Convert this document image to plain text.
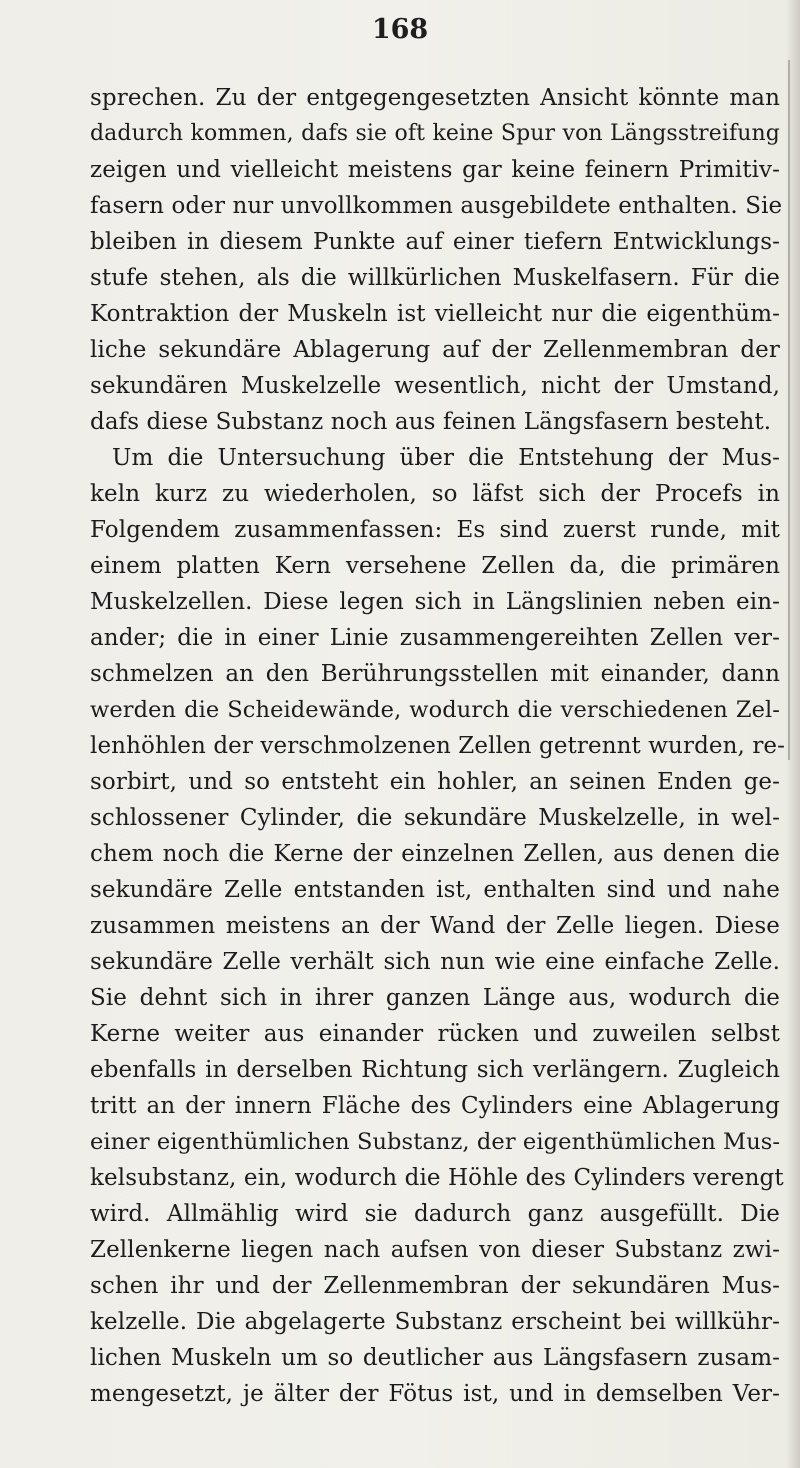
168
sprechen. Zu der entgegengesetzten Ansicht könnte man
dadurch kommen, dafs sie oft keine Spur von Längsstreifung
zeigen und vielleicht meistens gar keine feinern Primitiv-
fasern oder nur unvollkommen ausgebildete enthalten. Sie
bleiben in diesem Punkte auf einer tiefern Entwicklungs-
stufe stehen, als die willkürlichen Muskelfasern. Für die
Kontraktion der Muskeln ist vielleicht nur die eigenthüm-
liche sekundäre Ablagerung auf der Zellenmembran der
sekundären Muskelzelle wesentlich, nicht der Umstand,
dafs diese Substanz noch aus feinen Längsfasern besteht.
Um die Untersuchung über die Entstehung der Mus-
keln kurz zu wiederholen, so läfst sich der Procefs in
Folgendem zusammenfassen: Es sind zuerst runde, mit
einem platten Kern versehene Zellen da, die primären
Muskelzellen. Diese legen sich in Längslinien neben ein-
ander; die in einer Linie zusammengereihten Zellen ver-
schmelzen an den Berührungsstellen mit einander, dann
werden die Scheidewände, wodurch die verschiedenen Zel-
lenhöhlen der verschmolzenen Zellen getrennt wurden, re-
sorbirt, und so entsteht ein hohler, an seinen Enden ge-
schlossener Cylinder, die sekundäre Muskelzelle, in wel-
chem noch die Kerne der einzelnen Zellen, aus denen die
sekundäre Zelle entstanden ist, enthalten sind und nahe
zusammen meistens an der Wand der Zelle liegen. Diese
sekundäre Zelle verhält sich nun wie eine einfache Zelle.
Sie dehnt sich in ihrer ganzen Länge aus, wodurch die
Kerne weiter aus einander rücken und zuweilen selbst
ebenfalls in derselben Richtung sich verlängern. Zugleich
tritt an der innern Fläche des Cylinders eine Ablagerung
einer eigenthümlichen Substanz, der eigenthümlichen Mus-
kelsubstanz, ein, wodurch die Höhle des Cylinders verengt
wird. Allmählig wird sie dadurch ganz ausgefüllt. Die
Zellenkerne liegen nach aufsen von dieser Substanz zwi-
schen ihr und der Zellenmembran der sekundären Mus-
kelzelle. Die abgelagerte Substanz erscheint bei willkühr-
lichen Muskeln um so deutlicher aus Längsfasern zusam-
mengesetzt, je älter der Fötus ist, und in demselben Ver-
